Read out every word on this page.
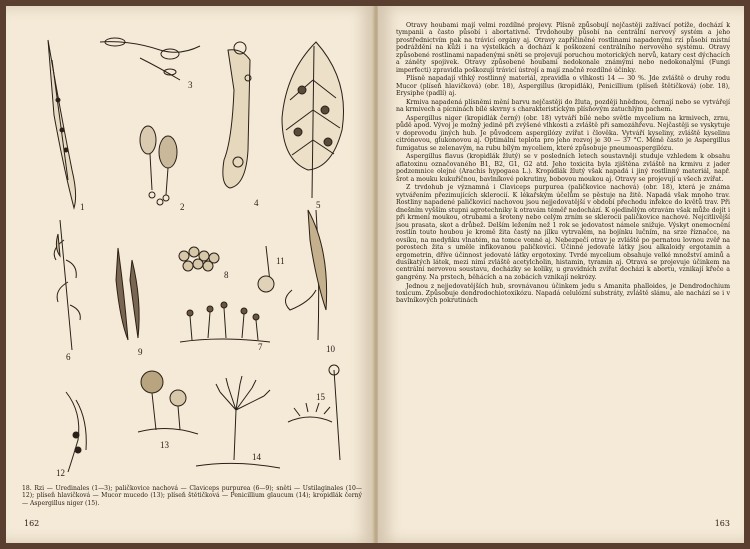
1	2
3
4	5
6
7
8
9	10
11
12
13
14
15

18. Rzi — Uredinales (1—3); paličkovice nachová — Claviceps purpurea (6—9); sněti — Ustilaginales (10—12); plíseň hlavičková — Mucor mucedo (13); plíseň štětičková — Penicillium glaucum (14); kropidlák černý — Aspergillus niger (15).

162

Otravy houbami mají velmi rozdílné projevy. Plísně způsobují nejčastěji zažívací potíže, dochází k tympanii a často působí i abortativně. Trvdohouby působí na centrální nervový systém a jeho prostřednictvím pak na trávicí orgány aj. Otravy zapříčiněné rostlinami napadenými rzí působí místní podráždění na kůži i na výstelkách a dochází k poškození centrálního nervového systému. Otravy způsobené rostlinami napadenými sněti se projevují poruchou motorických nervů, katary cest dýchacích a záněty spojivek. Otravy způsobené houbami nedokonale známými nebo nedokonalými (Fungi imperfecti) zpravidla poškozují trávicí ústrojí a mají značně rozdílné účinky.

Plísně napadají vlhký rostlinný materiál, zpravidla o vlhkosti 14 — 30 %. Jde zvláště o druhy rodu Mucor (plíseň hlavičková) (obr. 18), Aspergillus (kropidlák), Penicillium (plíseň štětičková) (obr. 18), Erysiphe (padlí) aj.

Krmiva napadená plísněmi mění barvu nejčastěji do žluta, později hnědnou, černají nebo se vytvářejí na krmivech a pícninách bílé skvrny s charakteristickým plísňovým zatuchlým pachem.

Aspergillus niger (kropidlák černý) (obr. 18) vytváří bílé nebo světle mycelium na krmivech, zrnu, půdě apod. Vývoj je možný jedině při zvýšené vlhkosti a zvláště při samozáhřevu. Nejčastěji se vyskytuje v doprovodu jiných hub. Je původcem aspergilózy zvířat i člověka. Vytváří kyseliny, zvláště kyselinu citrónovou, glukonovou aj. Optimální teplota pro jeho rozvoj je 30 — 37 °C. Méně často je Aspergillus fumigatus se zelenavým, na rubu bílým myceliem, které způsobuje pneumoaspergilózu.

Aspergillus flavus (kropidlák žlutý) se v posledních letech soustavněji studuje vzhledem k obsahu aflatoxinu označovaného B1, B2, G1, G2 atd. Jeho toxicita byla zjištěna zvláště na krmivu z jader podzemnice olejné (Arachis hypogaea L.). Kropidlák žlutý však napadá i jiný rostlinný materiál, např. šrot a mouku kukuřičnou, bavlníkové pokrutiny, bobovou moukou aj. Otravy se projevují u všech zvířat.

Z trvdohub je významná i Claviceps purpurea (paličkovice nachová) (obr. 18), která je známa vytvářením přezimujících sklerocií. K lékařským účelům se pěstuje na žitě. Napadá však mnoho trav. Rostliny napadené paličkovicí nachovou jsou nejjedovatější v období přechodu infekce do květů trav. Při dnešním vyšším stupni agrotechniky k otravám téměř nedochází. K ojedinělým otravám však může dojít i při krmení moukou, otrubami a šroteny nebo celým zrním se sklerocii paličkovice nachové. Nejcitlivější jsou prasata, skot a drůbež. Delším ležením než 1 rok se jedovatost námele snižuje. Výskyt onemocnění rostlin touto houbou je kromě žita častý na jílku vytrvalém, na bojínku lučním, na srze říznačce, na ovsíku, na medyňku vlnatém, na tomce vonné aj. Nebezpečí otrav je zvláště po pernatou lovnou zvěř na porostech žita s uměle infikovanou paličkovicí. Účinné jedovaté látky jsou alkaloidy ergotamin a ergometrin, dříve účinnost jedovaté látky ergotoxiny. Tvrdé mycelium obsahuje velké množství aminů a dusíkatých látek, mezi nimi zvláště acetylcholin, histamin, tyramin aj. Otrava se projevuje účinkem na centrální nervovou soustavu, docházky se koliky, u gravidních zvířat dochází k abortu, vznikají křeče a gangrény. Na prstech, běhácích a na zobácích vznikají nekrózy.

Jednou z nejjedovatějších hub, srovnávanou účinkem jedu s Amanita phalloides, je Dendrodochium toxicum. Způsobuje dendrodochiotoxikózu. Napadá celulózní substráty, zvláště slámu, ale nachází se i v bavlníkových pokrutinách

163
